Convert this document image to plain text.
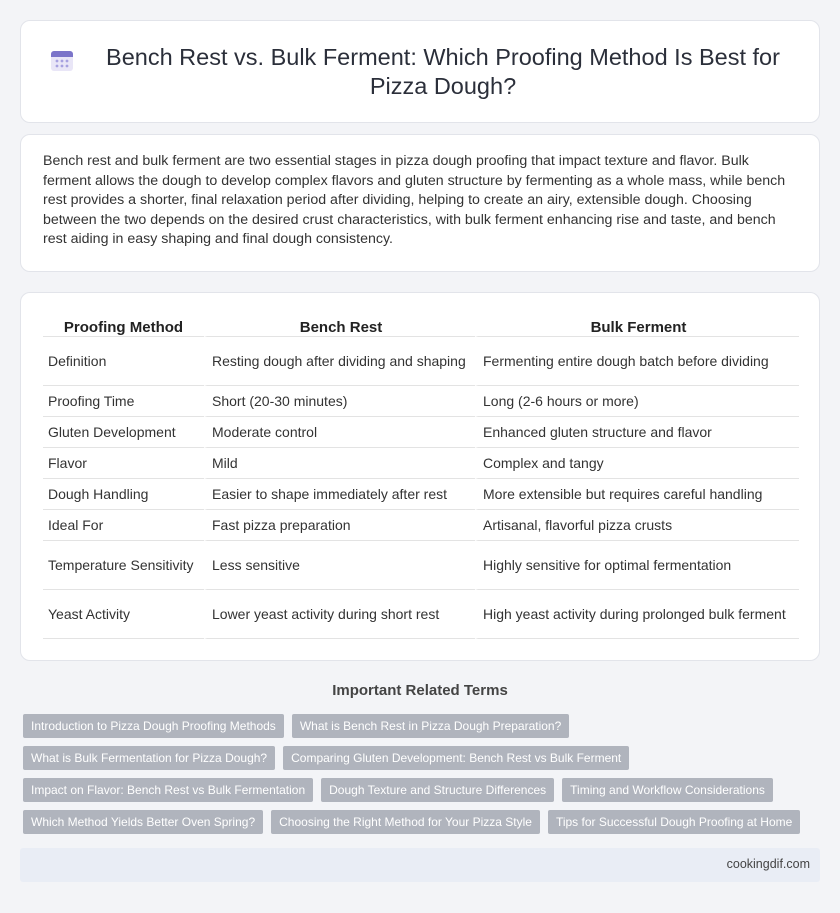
Bench Rest vs. Bulk Ferment: Which Proofing Method Is Best for Pizza Dough?

Bench rest and bulk ferment are two essential stages in pizza dough proofing that impact texture and flavor. Bulk ferment allows the dough to develop complex flavors and gluten structure by fermenting as a whole mass, while bench rest provides a shorter, final relaxation period after dividing, helping to create an airy, extensible dough. Choosing between the two depends on the desired crust characteristics, with bulk ferment enhancing rise and taste, and bench rest aiding in easy shaping and final dough consistency.

Proofing Method	Bench Rest	Bulk Ferment
Definition	Resting dough after dividing and shaping	Fermenting entire dough batch before dividing
Proofing Time	Short (20-30 minutes)	Long (2-6 hours or more)
Gluten Development	Moderate control	Enhanced gluten structure and flavor
Flavor	Mild	Complex and tangy
Dough Handling	Easier to shape immediately after rest	More extensible but requires careful handling
Ideal For	Fast pizza preparation	Artisanal, flavorful pizza crusts
Temperature Sensitivity	Less sensitive	Highly sensitive for optimal fermentation
Yeast Activity	Lower yeast activity during short rest	High yeast activity during prolonged bulk ferment
Important Related Terms
Introduction to Pizza Dough Proofing Methods	What is Bench Rest in Pizza Dough Preparation?
What is Bulk Fermentation for Pizza Dough?	Comparing Gluten Development: Bench Rest vs Bulk Ferment
Impact on Flavor: Bench Rest vs Bulk Fermentation	Dough Texture and Structure Differences	Timing and Workflow Considerations
Which Method Yields Better Oven Spring?	Choosing the Right Method for Your Pizza Style	Tips for Successful Dough Proofing at Home
cookingdif.com
